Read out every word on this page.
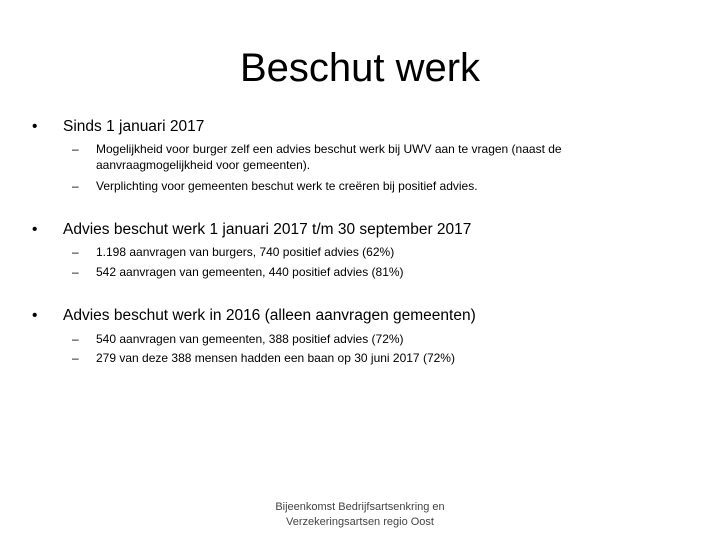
Beschut werk
• Sinds 1 januari 2017
– Mogelijkheid voor burger zelf een advies beschut werk bij UWV aan te vragen (naast de aanvraagmogelijkheid voor gemeenten).
– Verplichting voor gemeenten beschut werk te creëren bij positief advies.
• Advies beschut werk 1 januari 2017 t/m 30 september 2017
– 1.198 aanvragen van burgers, 740 positief advies (62%)
– 542 aanvragen van gemeenten, 440 positief advies (81%)
• Advies beschut werk in 2016 (alleen aanvragen gemeenten)
– 540 aanvragen van gemeenten, 388 positief advies (72%)
– 279 van deze 388 mensen hadden een baan op 30 juni 2017 (72%)
Bijeenkomst Bedrijfsartsenkring en
Verzekeringsartsen regio Oost
